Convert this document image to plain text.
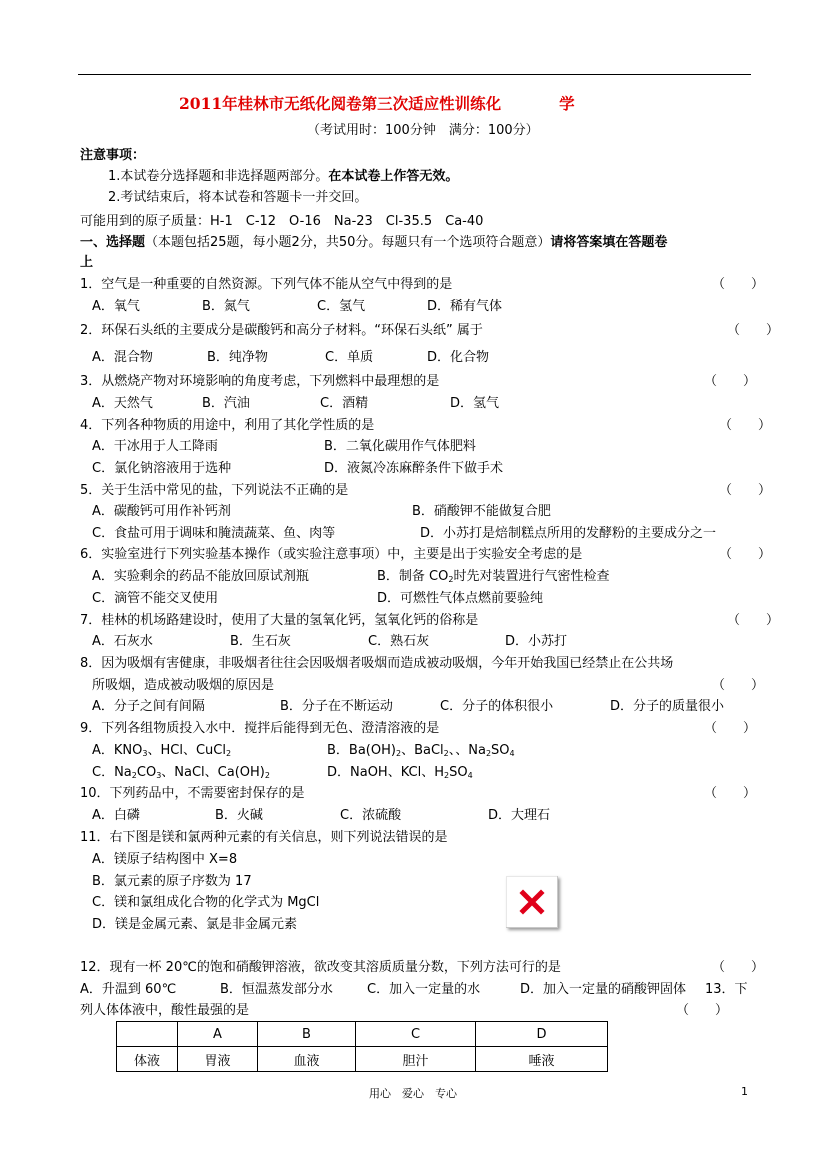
2011年桂林市无纸化阅卷第三次适应性训练化	学
（考试用时：100分钟　满分：100分）
注意事项：
1.本试卷分选择题和非选择题两部分。在本试卷上作答无效。
2.考试结束后，将本试卷和答题卡一并交回。
可能用到的原子质量：H-1　C-12　O-16　Na-23　Cl-35.5　Ca-40
一、选择题（本题包括25题，每小题2分，共50分。每题只有一个选项符合题意）请将答案填在答题卷
上
1．空气是一种重要的自然资源。下列气体不能从空气中得到的是	（　　）
A．氧气	B．氮气	C．氢气	D．稀有气体
2．环保石头纸的主要成分是碳酸钙和高分子材料。“环保石头纸” 属于	（　　）
A．混合物	B．纯净物	C．单质	D．化合物
3．从燃烧产物对环境影响的角度考虑，下列燃料中最理想的是	（　　）
A．天然气	B．汽油	C．酒精	D．氢气
4．下列各种物质的用途中，利用了其化学性质的是	（　　）
A．干冰用于人工降雨	B．二氧化碳用作气体肥料
C．氯化钠溶液用于选种	D．液氮冷冻麻醉条件下做手术
5．关于生活中常见的盐，下列说法不正确的是	（　　）
A．碳酸钙可用作补钙剂	B．硝酸钾不能做复合肥
C．食盐可用于调味和腌渍蔬菜、鱼、肉等	D．小苏打是焙制糕点所用的发酵粉的主要成分之一
6．实验室进行下列实验基本操作（或实验注意事项）中，主要是出于实验安全考虑的是	（　　）
A．实验剩余的药品不能放回原试剂瓶	B．制备 $CO_2$时先对装置进行气密性检查
C．滴管不能交叉使用	D．可燃性气体点燃前要验纯
7．桂林的机场路建设时，使用了大量的氢氧化钙，氢氧化钙的俗称是	（　　）
A．石灰水	B．生石灰	C．熟石灰	D．小苏打
8．因为吸烟有害健康，非吸烟者往往会因吸烟者吸烟而造成被动吸烟，今年开始我国已经禁止在公共场
所吸烟，造成被动吸烟的原因是	（　　）
A．分子之间有间隔	B．分子在不断运动	C．分子的体积很小	D．分子的质量很小
9．下列各组物质投入水中．搅拌后能得到无色、澄清溶液的是	（　　）
A．$KNO_3$、HCl、CuCl$_2$	B．$Ba(OH)_2$、BaCl$_2$、、$Na_2SO_4$
C．$Na_2CO_3$、NaCl、$Ca(OH)_2$	D．NaOH、KCl、$H_2SO_4$
10．下列药品中，不需要密封保存的是	（　　）
A．白磷	B．火碱	C．浓硫酸	D．大理石
11．右下图是镁和氯两种元素的有关信息，则下列说法错误的是
A．镁原子结构图中 X=8
B．氯元素的原子序数为 17
C．镁和氯组成化合物的化学式为 MgCl
D．镁是金属元素、氯是非金属元素
12．现有一杯 20℃的饱和硝酸钾溶液，欲改变其溶质质量分数，下列方法可行的是	（　　）
A．升温到 60℃	B．恒温蒸发部分水	C．加入一定量的水	D．加入一定量的硝酸钾固体 13．下
列人体体液中，酸性最强的是	（　　）
	A	B	C	D
体液	胃液	血液	胆汁	唾液
用心　爱心　专心	1
